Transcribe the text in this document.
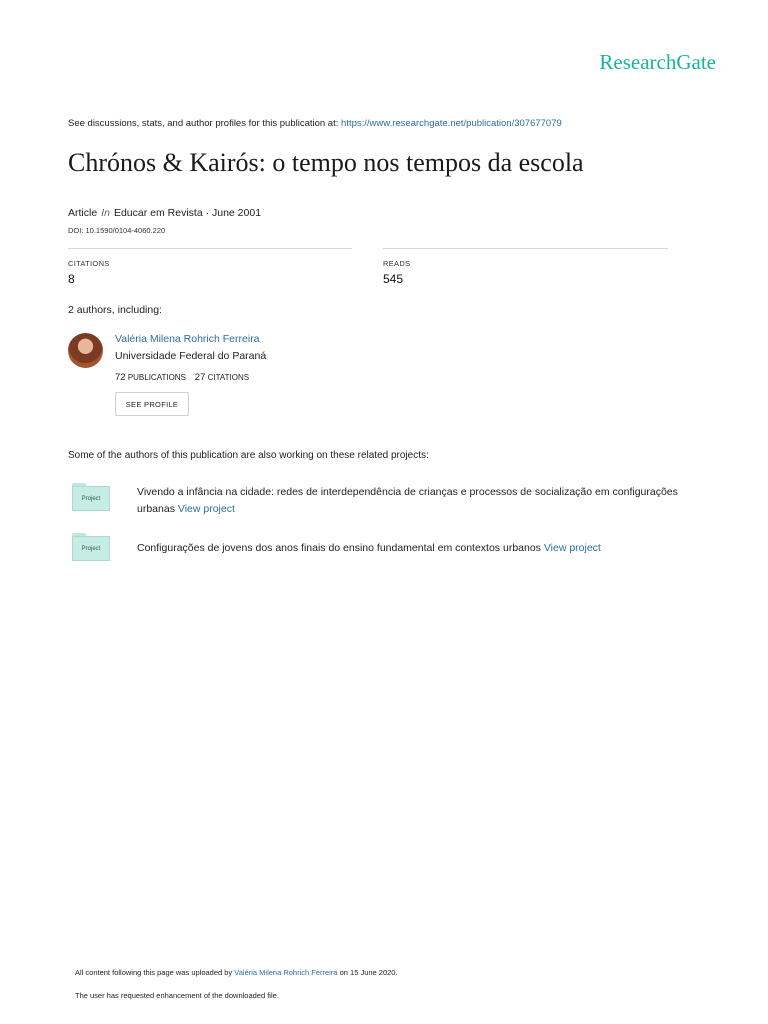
ResearchGate
See discussions, stats, and author profiles for this publication at: https://www.researchgate.net/publication/307677079
Chrónos & Kairós: o tempo nos tempos da escola
Article In Educar em Revista · June 2001
DOI: 10.1590/0104-4060.220
CITATIONS
8
READS
545
2 authors, including:
Valéria Milena Rohrich Ferreira
Universidade Federal do Paraná
72 PUBLICATIONS 27 CITATIONS
SEE PROFILE
Some of the authors of this publication are also working on these related projects:
Project
Vivendo a infância na cidade: redes de interdependência de crianças e processos de socialização em configurações urbanas View project
Project	Configurações de jovens dos anos finais do ensino fundamental em contextos urbanos View project
All content following this page was uploaded by Valéria Milena Rohrich Ferreira on 15 June 2020.
The user has requested enhancement of the downloaded file.
